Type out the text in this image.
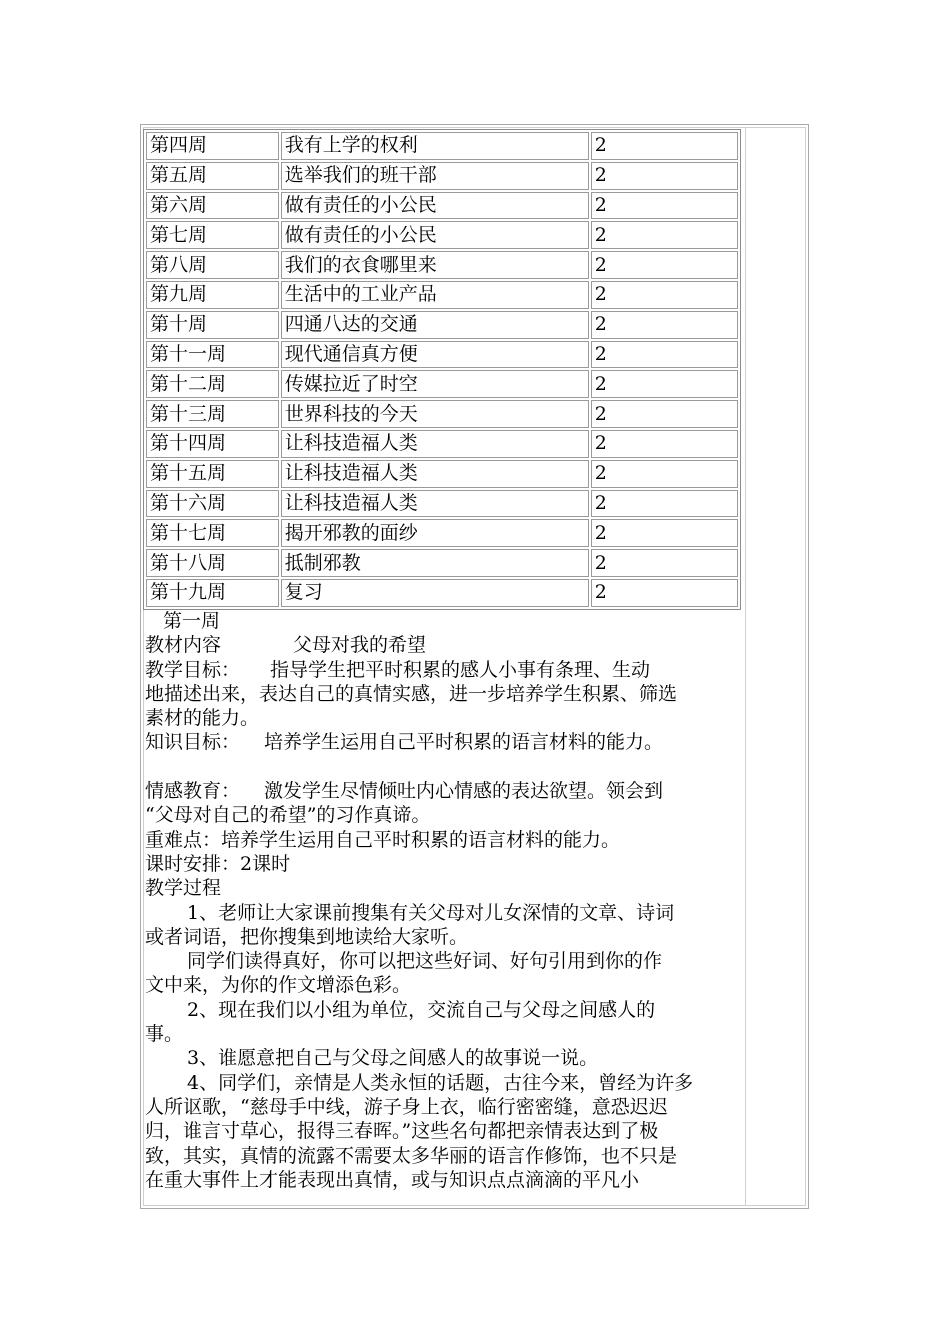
第四周	我有上学的权利	2
第五周	选举我们的班干部	2
第六周	做有责任的小公民	2
第七周	做有责任的小公民	2
第八周	我们的衣食哪里来	2
第九周	生活中的工业产品	2
第十周	四通八达的交通	2
第十一周	现代通信真方便	2
第十二周	传媒拉近了时空	2
第十三周	世界科技的今天	2
第十四周	让科技造福人类	2
第十五周	让科技造福人类	2
第十六周	让科技造福人类	2
第十七周	揭开邪教的面纱	2
第十八周	抵制邪教	2
第十九周	复习	2

第一周

教材内容	父母对我的希望

教学目标： 指导学生把平时积累的感人小事有条理、生动

地描述出来，表达自己的真情实感，进一步培养学生积累、筛选

素材的能力。

知识目标： 培养学生运用自己平时积累的语言材料的能力。

情感教育： 激发学生尽情倾吐内心情感的表达欲望。领会到

“父母对自己的希望”的习作真谛。

重难点：培养学生运用自己平时积累的语言材料的能力。

课时安排：2课时

教学过程

1、老师让大家课前搜集有关父母对儿女深情的文章、诗词

或者词语，把你搜集到地读给大家听。

同学们读得真好，你可以把这些好词、好句引用到你的作

文中来，为你的作文增添色彩。

2、现在我们以小组为单位，交流自己与父母之间感人的

事。

3、谁愿意把自己与父母之间感人的故事说一说。

4、同学们，亲情是人类永恒的话题，古往今来，曾经为许多

人所讴歌，“慈母手中线，游子身上衣，临行密密缝，意恐迟迟

归，谁言寸草心，报得三春晖。”这些名句都把亲情表达到了极

致，其实，真情的流露不需要太多华丽的语言作修饰，也不只是

在重大事件上才能表现出真情，或与知识点点滴滴的平凡小
